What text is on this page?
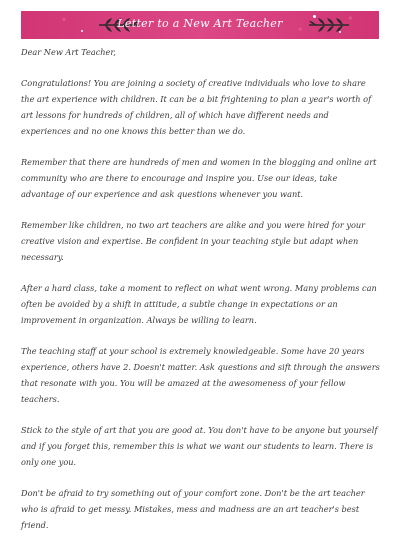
Letter to a New Art Teacher

Dear New Art Teacher,

Congratulations! You are joining a society of creative individuals who love to share the art experience with children. It can be a bit frightening to plan a year's worth of art lessons for hundreds of children, all of which have different needs and experiences and no one knows this better than we do.

Remember that there are hundreds of men and women in the blogging and online art community who are there to encourage and inspire you. Use our ideas, take advantage of our experience and ask questions whenever you want.

Remember like children, no two art teachers are alike and you were hired for your creative vision and expertise. Be confident in your teaching style but adapt when necessary.

After a hard class, take a moment to reflect on what went wrong. Many problems can often be avoided by a shift in attitude, a subtle change in expectations or an improvement in organization. Always be willing to learn.

The teaching staff at your school is extremely knowledgeable. Some have 20 years experience, others have 2. Doesn't matter. Ask questions and sift through the answers that resonate with you. You will be amazed at the awesomeness of your fellow teachers.

Stick to the style of art that you are good at. You don't have to be anyone but yourself and if you forget this, remember this is what we want our students to learn. There is only one you.

Don't be afraid to try something out of your comfort zone. Don't be the art teacher who is afraid to get messy. Mistakes, mess and madness are an art teacher's best friend.
